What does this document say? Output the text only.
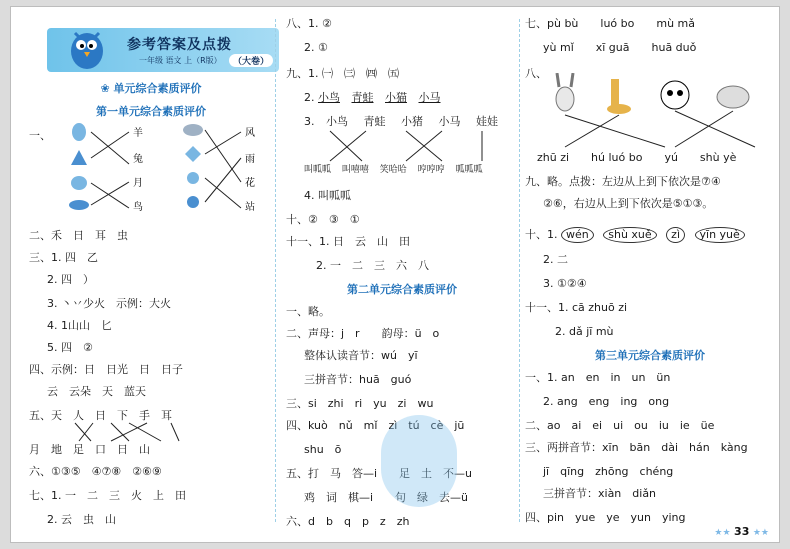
参考答案及点拨
一年级 语文 上（R版）	（大卷）
❀ 单元综合素质评价
第一单元综合素质评价
一、	羊
兔
月
鸟
风
雨
花
站
二、禾　日　耳　虫
三、1. 四　乙
2. 四　）
3. 丶丷少火　示例：大火
4. 1山山　匕
5. 四　②
四、示例：日　日光　日　日子
云　云朵　天　蓝天
五、天　人　日　下　手　耳
月　地　足　口　日　山
六、①③⑤　④⑦⑧　②⑥⑨
七、1. 一　二　三　火　上　田
2. 云　虫　山
八、1. ②
2. ①
九、1. ㈠　㈢　㈣　㈤
2. 小鸟 青蛙 小猫 小马
3. 小鸟 青蛙 小猪 小马 娃娃
叫呱呱 叫嘻嘻 笑哈哈 哼哼哼 呱呱呱
4. 叫呱呱
十、②　③　①
十一、1. 日　云　山　田
2. 一　二　三　六　八
第二单元综合素质评价
一、略。
二、声母：j　r　　韵母：ü　o
整体认读音节：wú　yī
三拼音节：huā　guó
三、si　zhi　ri　yu　zi　wu
四、kuò　nǔ　mǐ　zì　tú　cè　jū
shu　ō
五、打　马　答—i　　足　土　不—u
鸡　词　棋—i　　句　绿　去—ü
六、d　b　q　p　z　zh
七、pù bù　　luó bo　　mù mǎ
yù mǐ　　xī guā　　huā duǒ
八、
zhū zi　　hú luó bo　　yú　　shù yè
九、略。点拨：左边从上到下依次是⑦④
②⑥，右边从上到下依次是⑤①③。
十、1. wén shù xuě zì yīn yuè
2. 二
3. ①②④
十一、1. cā zhuō zi
2. dǎ jī mù
第三单元综合素质评价
一、1. an　en　in　un　ün
2. ang　eng　ing　ong
二、ao　ai　ei　ui　ou　iu　ie　üe
三、两拼音节：xīn　bān　dài　hán　kàng
jī　qīng　zhōng　chéng
三拼音节：xiàn　diǎn
四、pin　yue　ye　yun　ying
★★ 33 ★★
